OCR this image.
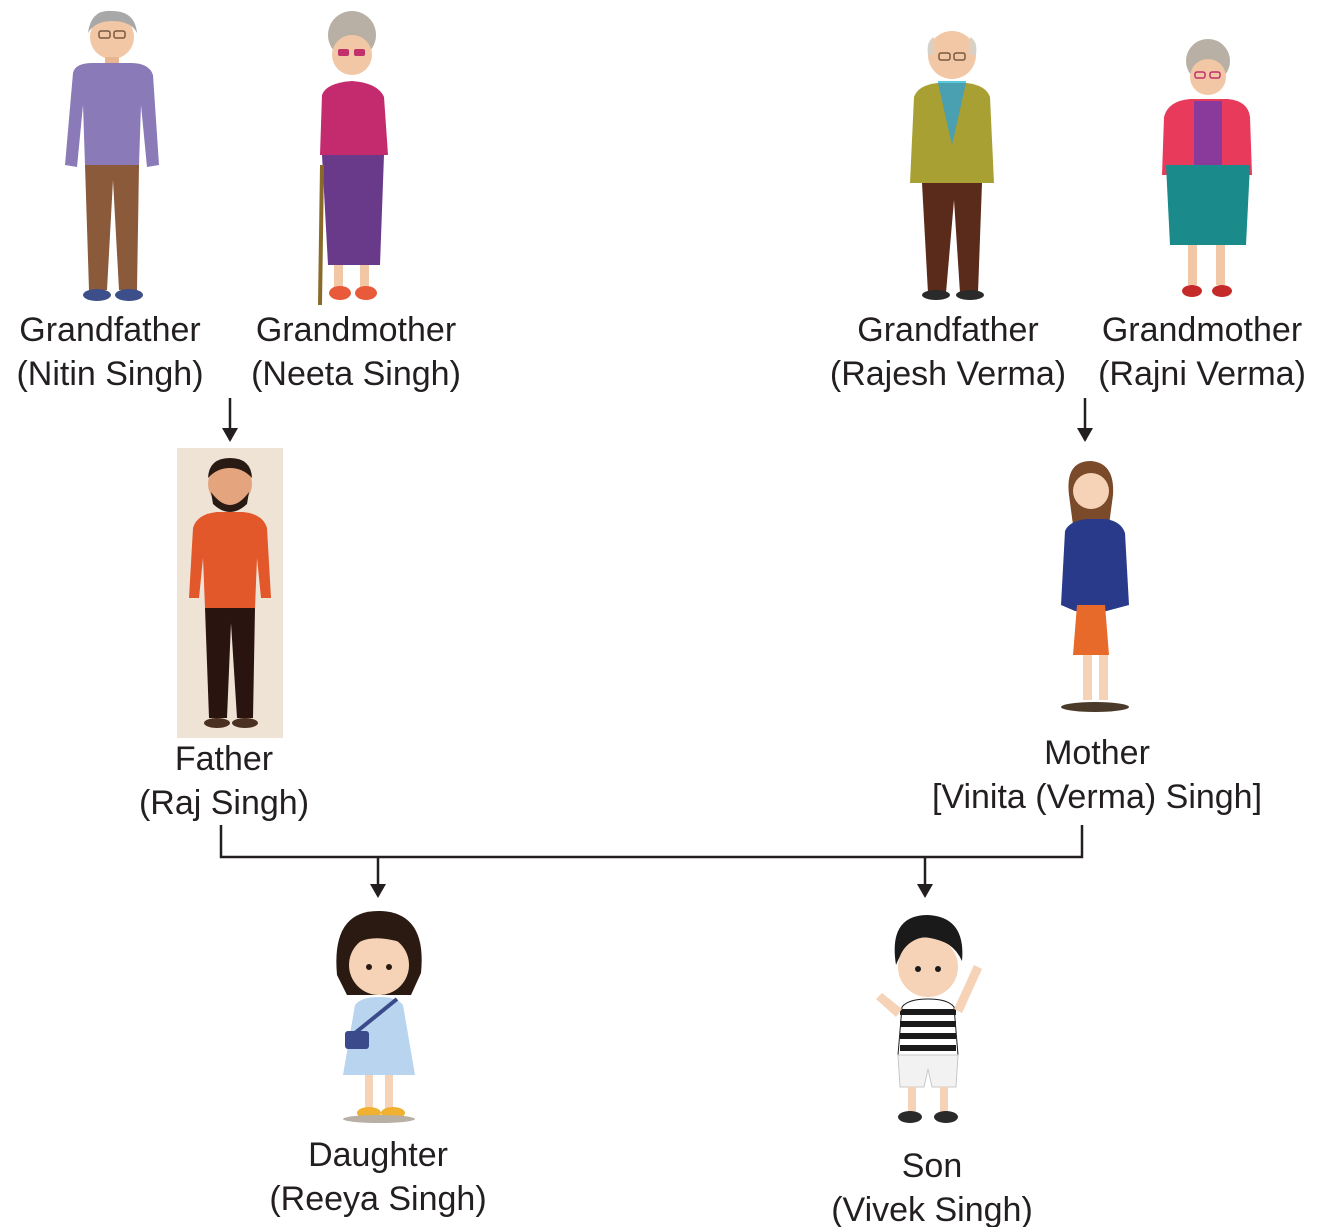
Grandfather
(Nitin Singh)
Grandmother
(Neeta Singh)
Grandfather
(Rajesh Verma)
Grandmother
(Rajni Verma)
Father
(Raj Singh)
Mother
[Vinita (Verma) Singh]
Daughter
(Reeya Singh)
Son
(Vivek Singh)
